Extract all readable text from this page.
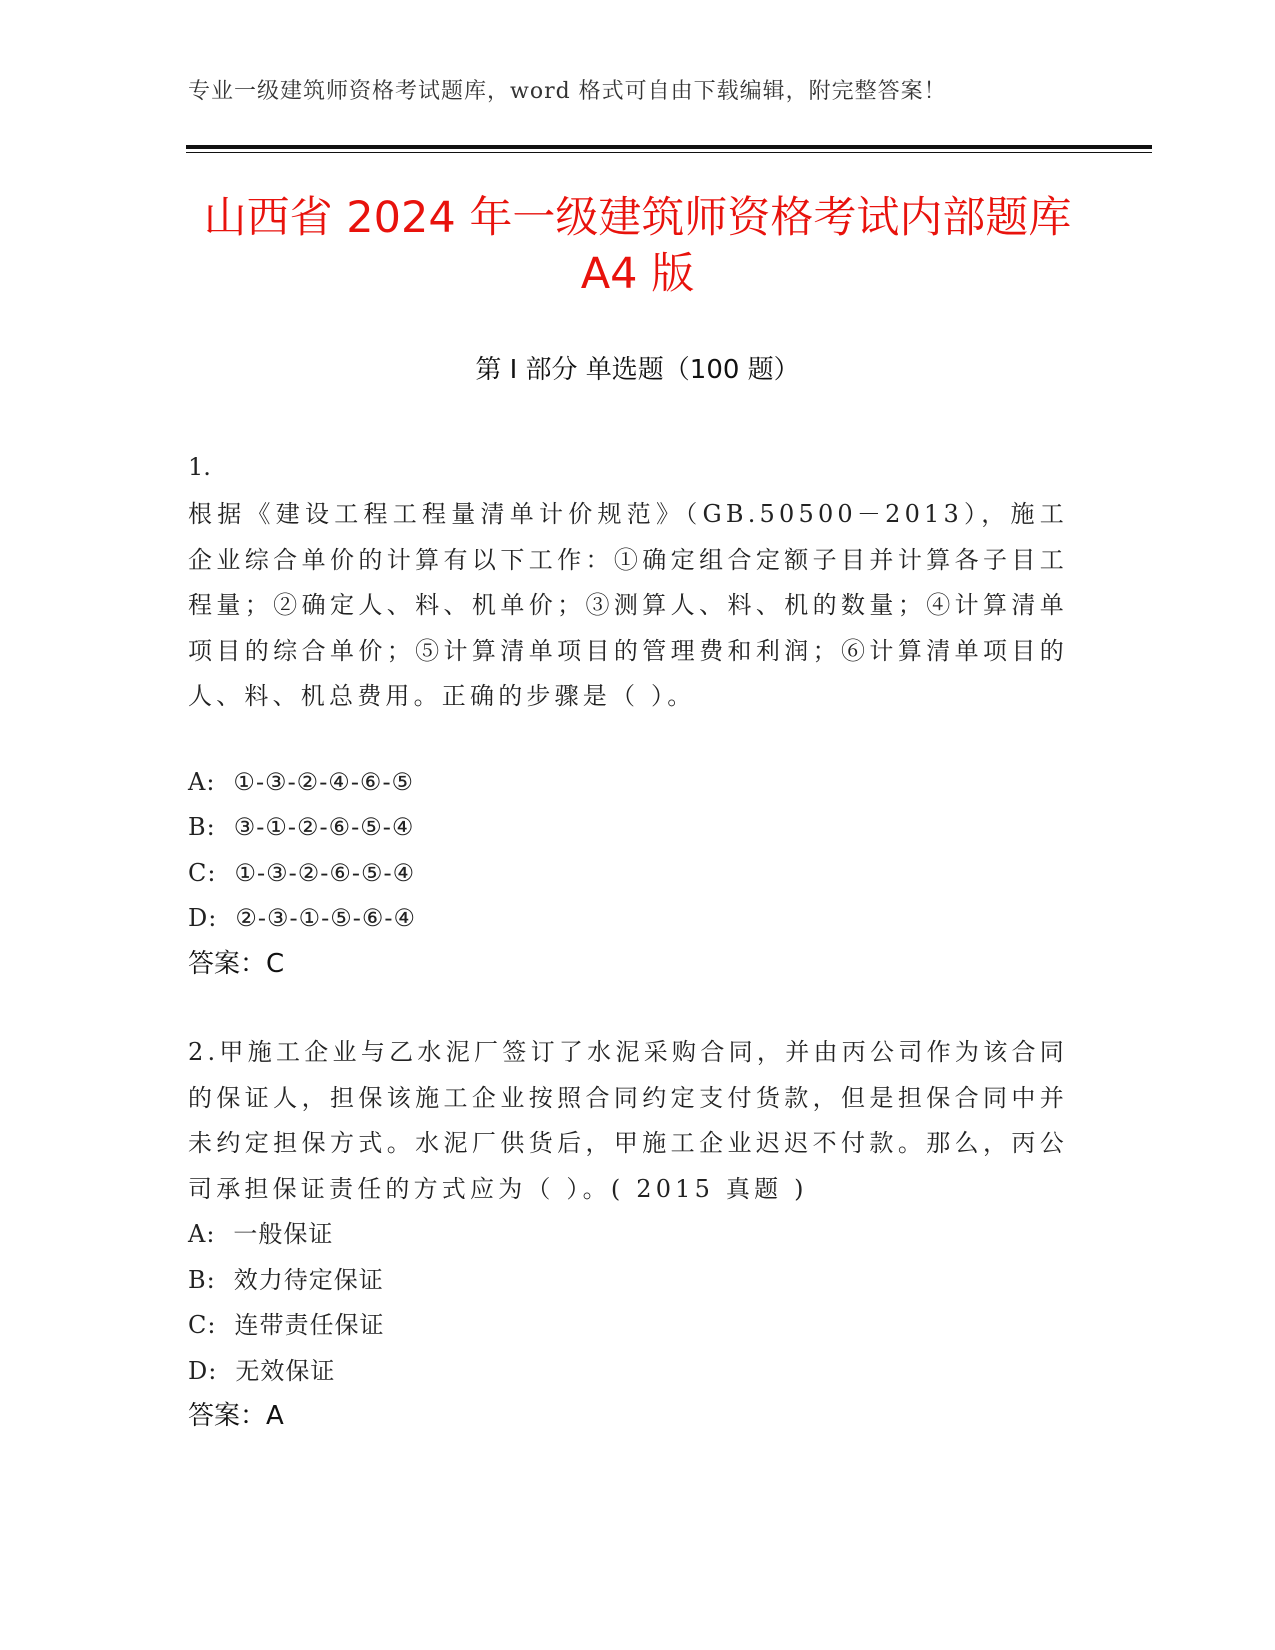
专业一级建筑师资格考试题库，word 格式可自由下载编辑，附完整答案！
山西省 2024 年一级建筑师资格考试内部题库
A4 版
第 I 部分 单选题（100 题）
1.
根据《建设工程工程量清单计价规范》（GB.50500－2013），施工企业综合单价的计算有以下工作：①确定组合定额子目并计算各子目工程量；②确定人、料、机单价；③测算人、料、机的数量；④计算清单项目的综合单价；⑤计算清单项目的管理费和利润；⑥计算清单项目的人、料、机总费用。正确的步骤是（ ）。
A: ①-③-②-④-⑥-⑤
B: ③-①-②-⑥-⑤-④
C: ①-③-②-⑥-⑤-④
D: ②-③-①-⑤-⑥-④
答案：C
2.甲施工企业与乙水泥厂签订了水泥采购合同，并由丙公司作为该合同的保证人，担保该施工企业按照合同约定支付货款，但是担保合同中并未约定担保方式。水泥厂供货后，甲施工企业迟迟不付款。那么，丙公司承担保证责任的方式应为（ ）。( 2015 真题 )
A: 一般保证
B: 效力待定保证
C: 连带责任保证
D: 无效保证
答案：A
